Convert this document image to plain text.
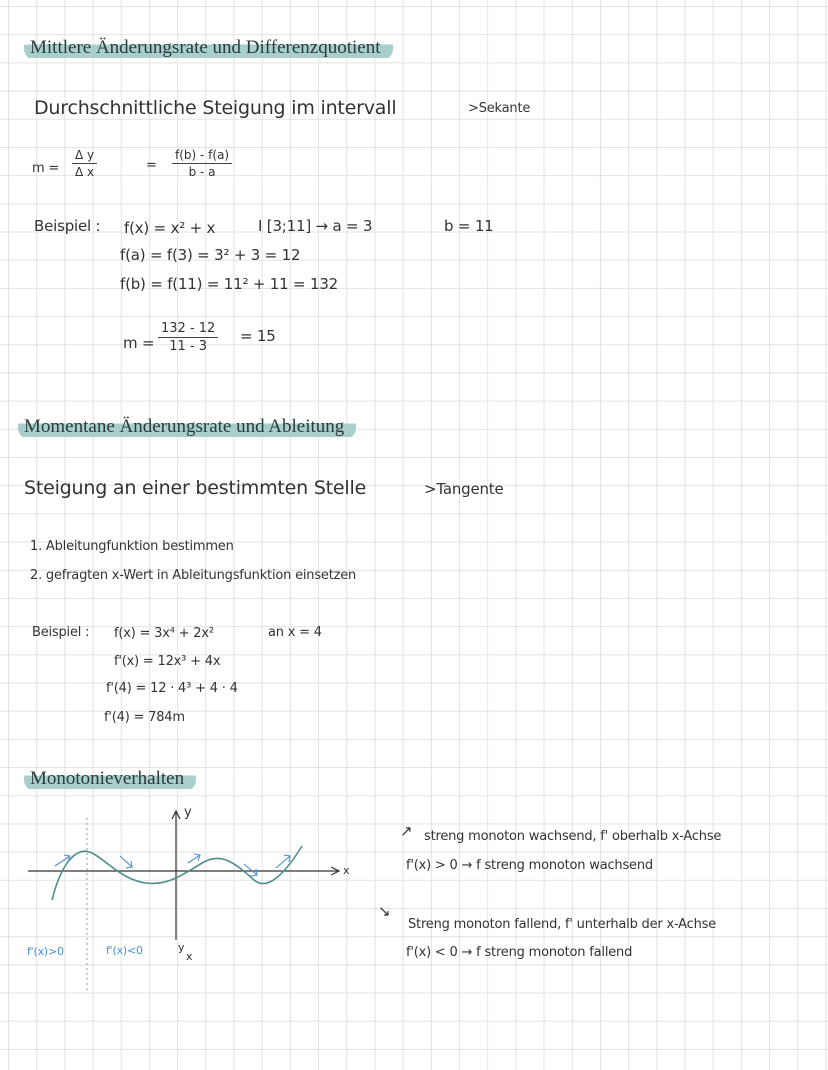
Mittlere Änderungsrate und Differenzquotient
Durchschnittliche Steigung im intervall	>Sekante
m =
Δ y
Δ x	=
f(b) - f(a)
b - a
Beispiel : f(x) = x² + x	I [3;11] → a = 3	b = 11
f(a) = f(3) = 3² + 3 = 12
f(b) = f(11) = 11² + 11 = 132
m =
132 - 12
11 - 3
= 15
Momentane Änderungsrate und Ableitung
Steigung an einer bestimmten Stelle	>Tangente
1. Ableitungfunktion bestimmen
2. gefragten x-Wert in Ableitungsfunktion einsetzen
Beispiel : f(x) = 3x⁴ + 2x²	an x = 4
f'(x) = 12x³ + 4x
f'(4) = 12 · 4³ + 4 · 4
f'(4) = 784m
Monotonieverhalten
y
x
f'(x)>0	f'(x)<0	y
x
↗ streng monoton wachsend, f' oberhalb x-Achse
f'(x) > 0 → f streng monoton wachsend
↘
Streng monoton fallend, f' unterhalb der x-Achse
f'(x) < 0 → f streng monoton fallend
